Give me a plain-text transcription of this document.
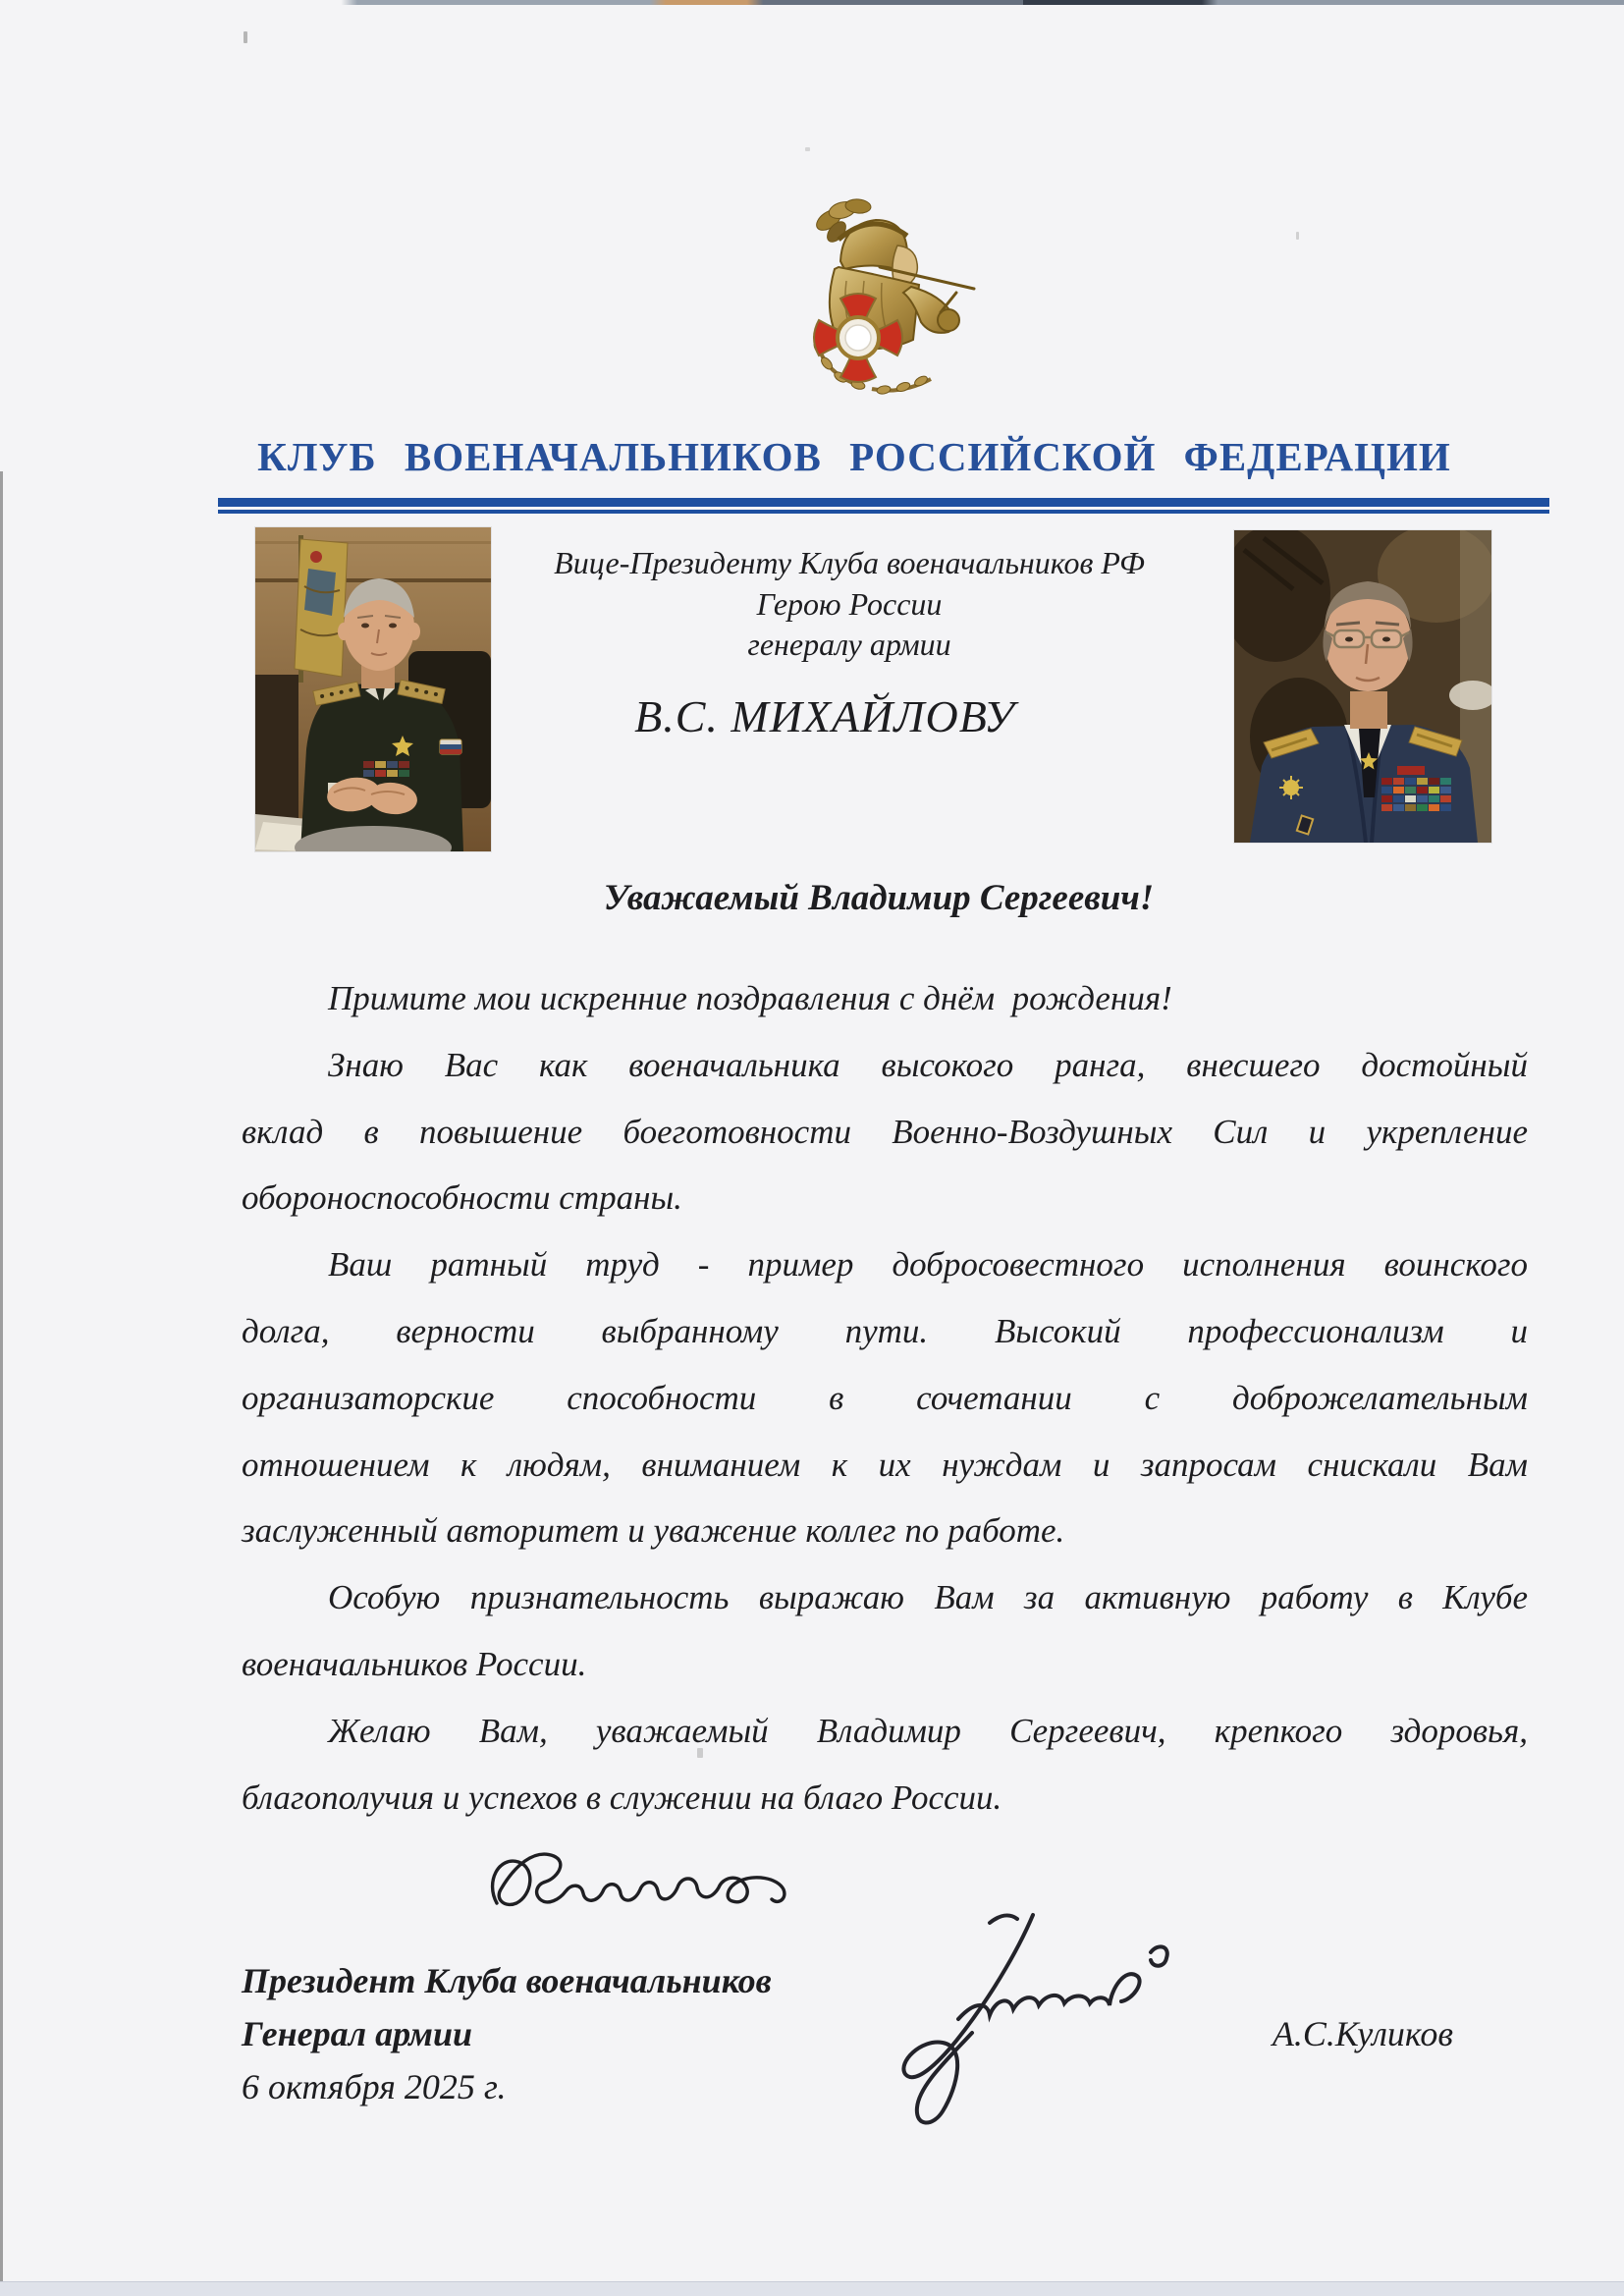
КЛУБ ВОЕНАЧАЛЬНИКОВ РОССИЙСКОЙ ФЕДЕРАЦИИ
Вице-Президенту Клуба военачальников РФ
Герою России
генералу армии
В.С. МИХАЙЛОВУ
Уважаемый Владимир Сергеевич!
Примите мои искренние поздравления с днём  рождения!
Знаю Вас как военачальника высокого ранга, внесшего достойный
вклад в повышение боеготовности Военно-Воздушных Сил и укрепление
обороноспособности страны.
Ваш ратный труд - пример добросовестного исполнения воинского
долга, верности выбранному пути. Высокий профессионализм и
организаторские способности в сочетании с доброжелательным
отношением к людям, вниманием к их нуждам и запросам снискали Вам
заслуженный авторитет и уважение коллег по работе.
Особую признательность выражаю Вам за активную работу в Клубе
военачальников России.
Желаю Вам, уважаемый Владимир Сергеевич, крепкого здоровья,
благополучия и успехов в служении на благо России.
Президент Клуба военачальников
Генерал армии
6 октября 2025 г.
А.С.Куликов
